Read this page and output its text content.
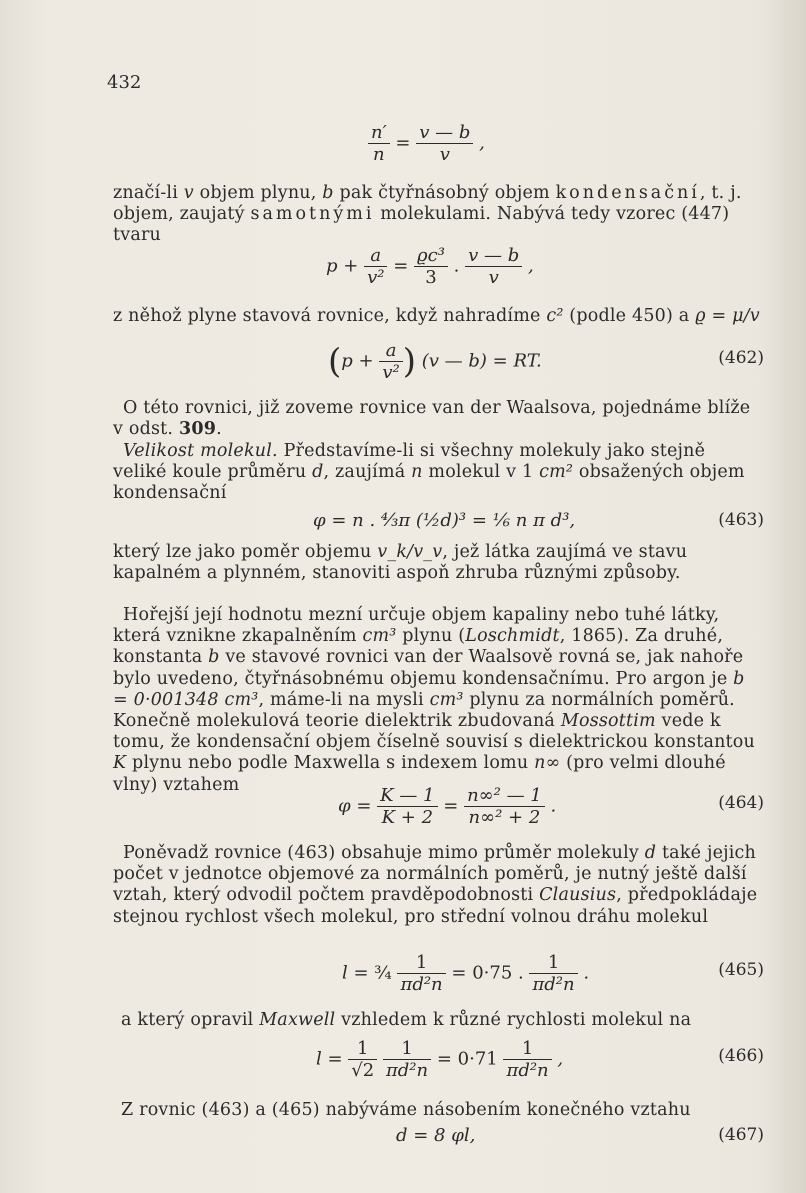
432
$\frac{n'}{n} = \frac{v — b}{v}$ ,
značí-li v objem plynu, b pak čtyřnásobný objem kondensační, t. j. objem, zaujatý samotnými molekulami. Nabývá tedy vzorec (447) tvaru
$p + \frac{a}{\text{v²}} = \frac{\text{ϱc³}}{3}$ . $\frac{v — b}{v}$ ,
z něhož plyne stavová rovnice, když nahradíme c² (podle 450) a ϱ = μ/v
($p + \frac{a}{\text{v²}}$ ) (v — b) = RT.	(462)
O této rovnici, již zoveme rovnice van der Waalsova, pojednáme blíže v odst. 309.
Velikost molekul. Představíme-li si všechny molekuly jako stejně veliké koule průměru d, zaujímá n molekul v 1 cm² obsažených objem kondensační
φ = n . ⁴⁄₃π (½d)³ = ⅙ n π d³,	(463)
který lze jako poměr objemu v_k/v_v, jež látka zaujímá ve stavu kapalném a plynném, stanoviti aspoň zhruba různými způsoby.
Hořejší její hodnotu mezní určuje objem kapaliny nebo tuhé látky, která vznikne zkapalněním cm³ plynu (Loschmidt, 1865). Za druhé, konstanta b ve stavové rovnici van der Waalsově rovná se, jak nahoře bylo uvedeno, čtyřnásobnému objemu kondensačnímu. Pro argon je b = 0·001348 cm³, máme-li na mysli cm³ plynu za normálních poměrů. Konečně molekulová teorie dielektrik zbudovaná Mossottim vede k tomu, že kondensační objem číselně souvisí s dielektrickou konstantou K plynu nebo podle Maxwella s indexem lomu n∞ (pro velmi dlouhé vlny) vztahem
$\varphi = \frac{K — 1}{K + 2} = \frac{\text{n∞² — 1}}{\text{n∞² + 2}}$ .	(464)
Poněvadž rovnice (463) obsahuje mimo průměr molekuly d také jejich počet v jednotce objemové za normálních poměrů, je nutný ještě další vztah, který odvodil počtem pravděpodobnosti Clausius, předpokládaje stejnou rychlost všech molekul, pro střední volnou dráhu molekul
l = ¾ $\frac{1}{\text{πd²n}} = 0\cdot 75$ . $\frac{1}{\text{πd²n}}$ .	(465)
a který opravil Maxwell vzhledem k různé rychlosti molekul na
$l = \frac{1}{√2}$
$\frac{1}{\text{πd²n}} = 0\cdot 71 \frac{1}{\text{πd²n}}$ ,	(466)
Z rovnic (463) a (465) nabýváme násobením konečného vztahu
d = 8 φl,	(467)
